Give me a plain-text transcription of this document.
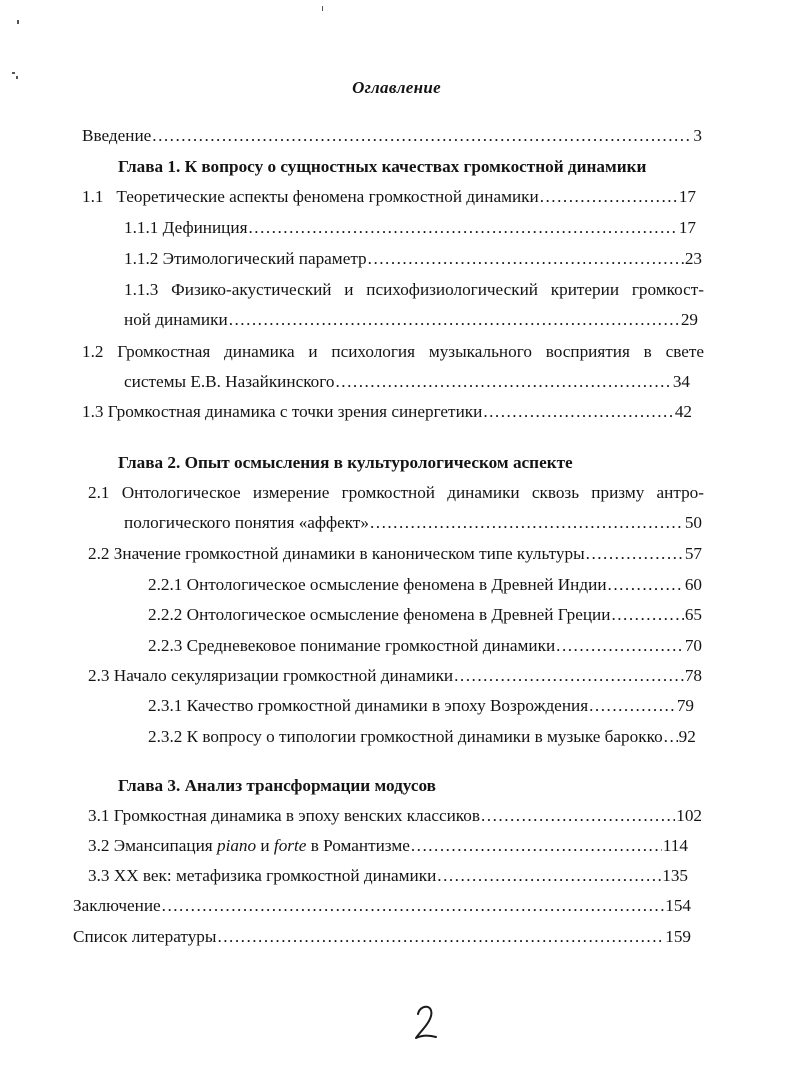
Оглавление
Введение .....	3
Глава 1. К вопросу о сущностных качествах громкостной динамики
1.1   Теоретические аспекты феномена громкостной динамики .....	17
1.1.1 Дефиниция .....	17
1.1.2 Этимологический параметр .....	23
1.1.3 Физико-акустический и психофизиологический критерии громкост-
ной динамики .....	29
1.2 Громкостная динамика и психология музыкального восприятия в свете
системы Е.В. Назайкинского .....	34
1.3 Громкостная динамика с точки зрения синергетики .....	42
Глава 2. Опыт осмысления в культурологическом аспекте
2.1 Онтологическое измерение громкостной динамики сквозь призму антро-
пологического понятия «аффект» .....	50
2.2 Значение громкостной динамики в каноническом типе культуры .....	57
2.2.1 Онтологическое осмысление феномена в Древней Индии .....	60
2.2.2 Онтологическое осмысление феномена в Древней Греции .....	65
2.2.3 Средневековое понимание громкостной динамики .....	70
2.3 Начало секуляризации громкостной динамики .....	78
2.3.1 Качество громкостной динамики в эпоху Возрождения .....	79
2.3.2 К вопросу о типологии громкостной динамики в музыке барокко ..... 92
Глава 3. Анализ трансформации модусов
3.1 Громкостная динамика в эпоху венских классиков .....	102
3.2 Эмансипация piano и forte в Романтизме .....	114
3.3 XX век: метафизика громкостной динамики .....	135
Заключение .....	154
Список литературы .....	159
